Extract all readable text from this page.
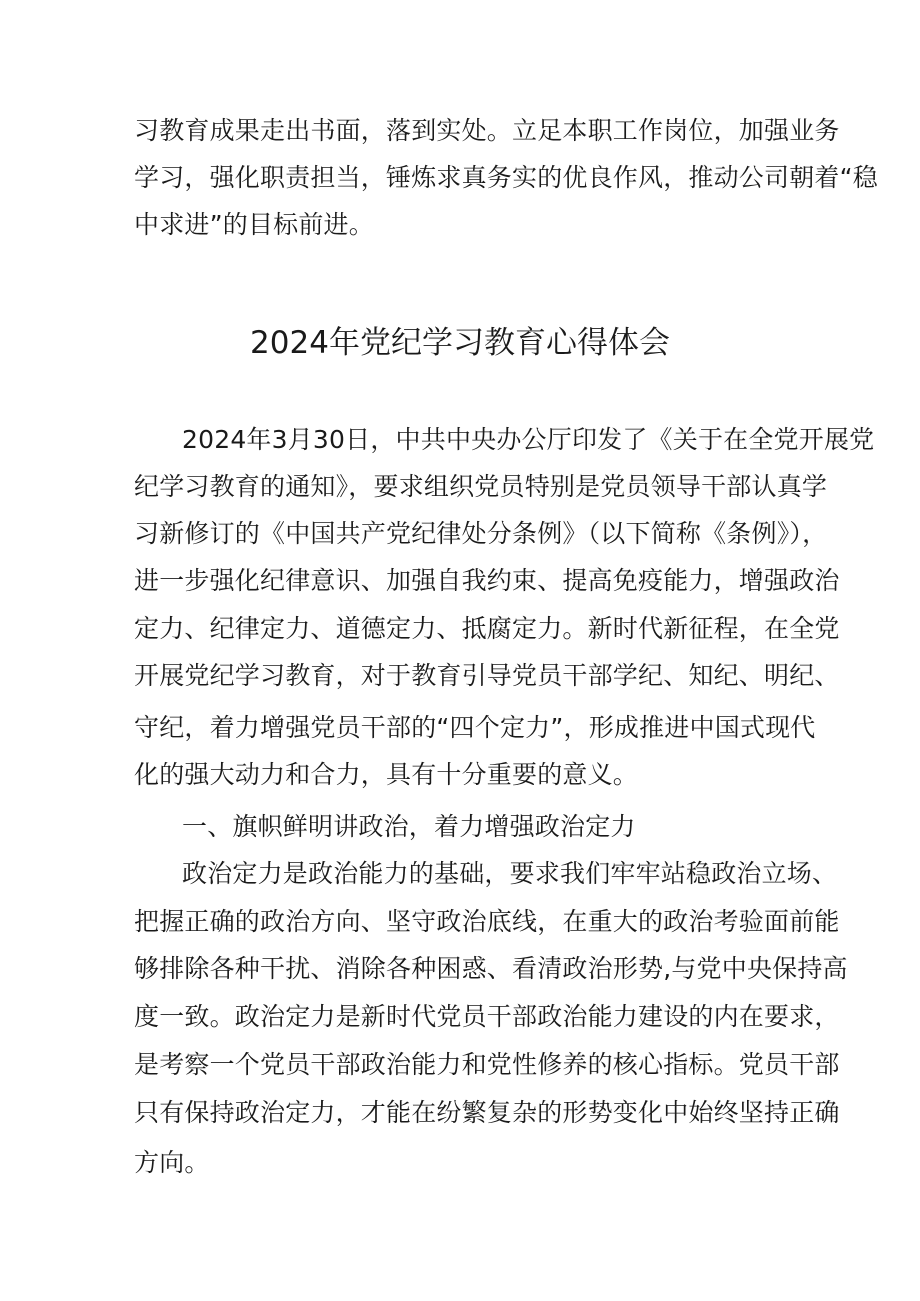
习教育成果走出书面，落到实处。立足本职工作岗位，加强业务
学习，强化职责担当，锤炼求真务实的优良作风，推动公司朝着“稳
中求进”的目标前进。
2024年党纪学习教育心得体会
2024年3月30日，中共中央办公厅印发了《关于在全党开展党
纪学习教育的通知》，要求组织党员特别是党员领导干部认真学
习新修订的《中国共产党纪律处分条例》（以下简称《条例》），
进一步强化纪律意识、加强自我约束、提高免疫能力，增强政治
定力、纪律定力、道德定力、抵腐定力。新时代新征程，在全党
开展党纪学习教育，对于教育引导党员干部学纪、知纪、明纪、
守纪，着力增强党员干部的“四个定力”，形成推进中国式现代
化的强大动力和合力，具有十分重要的意义。
一、旗帜鲜明讲政治，着力增强政治定力
政治定力是政治能力的基础，要求我们牢牢站稳政治立场、
把握正确的政治方向、坚守政治底线，在重大的政治考验面前能
够排除各种干扰、消除各种困惑、看清政治形势,与党中央保持高
度一致。政治定力是新时代党员干部政治能力建设的内在要求，
是考察一个党员干部政治能力和党性修养的核心指标。党员干部
只有保持政治定力，才能在纷繁复杂的形势变化中始终坚持正确
方向。
